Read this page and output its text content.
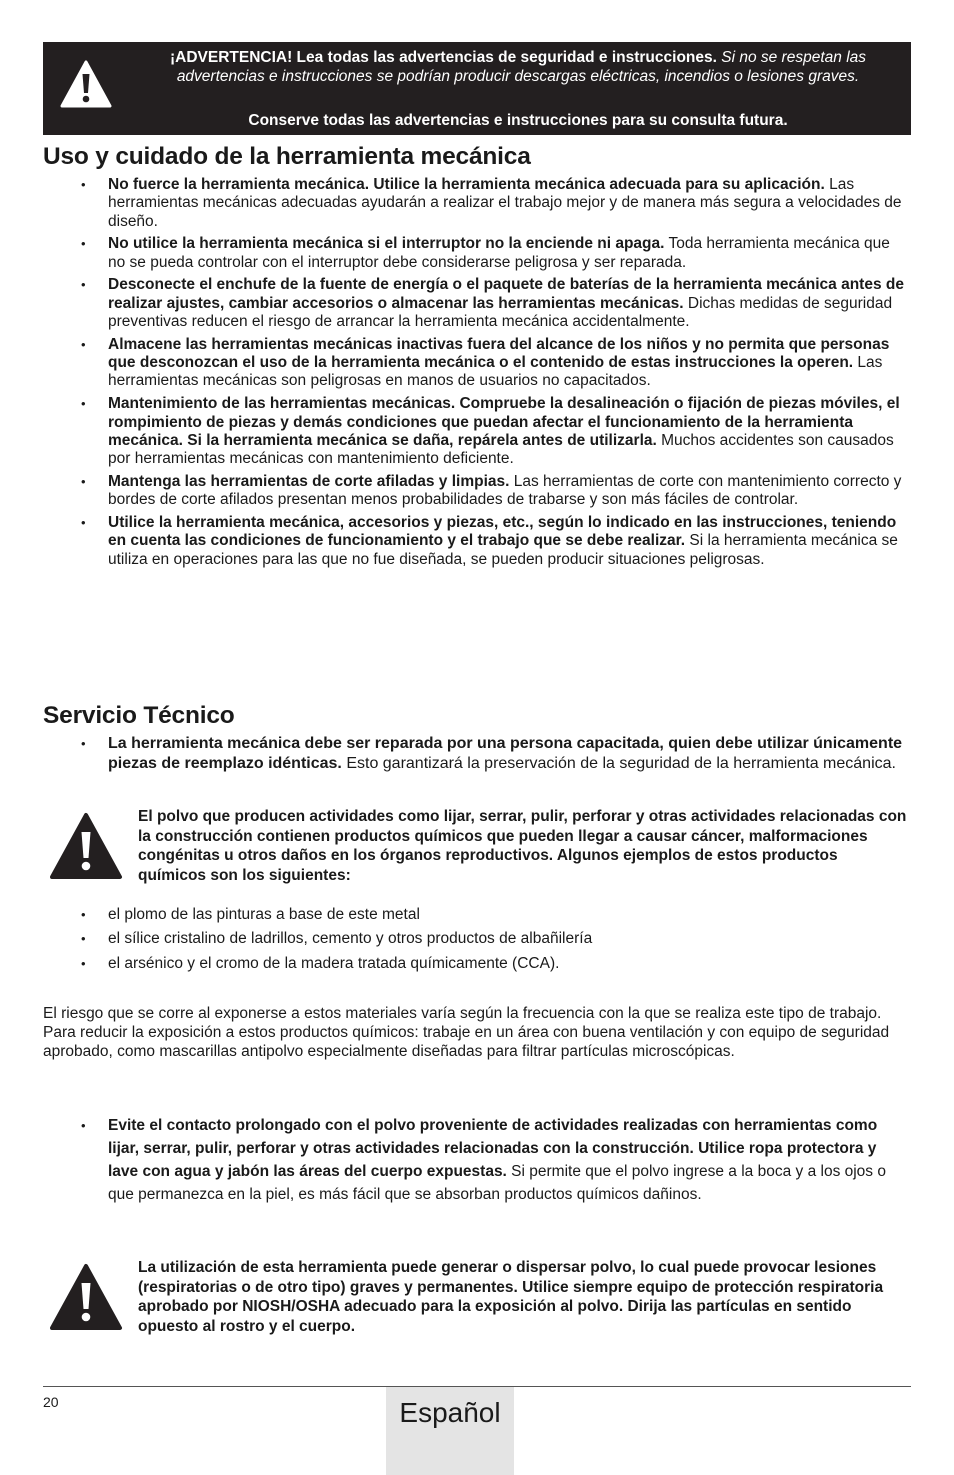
¡ADVERTENCIA! Lea todas las advertencias de seguridad e instrucciones. Si no se respetan las advertencias e instrucciones se podrían producir descargas eléctricas, incendios o lesiones graves.
Conserve todas las advertencias e instrucciones para su consulta futura.
Uso y cuidado de la herramienta mecánica
• No fuerce la herramienta mecánica. Utilice la herramienta mecánica adecuada para su aplicación. Las herramientas mecánicas adecuadas ayudarán a realizar el trabajo mejor y de manera más segura a velocidades de diseño.
• No utilice la herramienta mecánica si el interruptor no la enciende ni apaga. Toda herramienta mecánica que no se pueda controlar con el interruptor debe considerarse peligrosa y ser reparada.
• Desconecte el enchufe de la fuente de energía o el paquete de baterías de la herramienta mecánica antes de realizar ajustes, cambiar accesorios o almacenar las herramientas mecánicas. Dichas medidas de seguridad preventivas reducen el riesgo de arrancar la herramienta mecánica accidentalmente.
• Almacene las herramientas mecánicas inactivas fuera del alcance de los niños y no permita que personas que desconozcan el uso de la herramienta mecánica o el contenido de estas instrucciones la operen. Las herramientas mecánicas son peligrosas en manos de usuarios no capacitados.
• Mantenimiento de las herramientas mecánicas. Compruebe la desalineación o fijación de piezas móviles, el rompimiento de piezas y demás condiciones que puedan afectar el funcionamiento de la herramienta mecánica. Si la herramienta mecánica se daña, repárela antes de utilizarla. Muchos accidentes son causados por herramientas mecánicas con mantenimiento deficiente.
• Mantenga las herramientas de corte afiladas y limpias. Las herramientas de corte con mantenimiento correcto y bordes de corte afilados presentan menos probabilidades de trabarse y son más fáciles de controlar.
• Utilice la herramienta mecánica, accesorios y piezas, etc., según lo indicado en las instrucciones, teniendo en cuenta las condiciones de funcionamiento y el trabajo que se debe realizar. Si la herramienta mecánica se utiliza en operaciones para las que no fue diseñada, se pueden producir situaciones peligrosas.
Servicio Técnico
• La herramienta mecánica debe ser reparada por una persona capacitada, quien debe utilizar únicamente piezas de reemplazo idénticas. Esto garantizará la preservación de la seguridad de la herramienta mecánica.
El polvo que producen actividades como lijar, serrar, pulir, perforar y otras actividades relacionadas con la construcción contienen productos químicos que pueden llegar a causar cáncer, malformaciones congénitas u otros daños en los órganos reproductivos. Algunos ejemplos de estos productos químicos son los siguientes:
• el plomo de las pinturas a base de este metal
• el sílice cristalino de ladrillos, cemento y otros productos de albañilería
• el arsénico y el cromo de la madera tratada químicamente (CCA).

El riesgo que se corre al exponerse a estos materiales varía según la frecuencia con la que se realiza este tipo de trabajo. Para reducir la exposición a estos productos químicos: trabaje en un área con buena ventilación y con equipo de seguridad aprobado, como mascarillas antipolvo especialmente diseñadas para filtrar partículas microscópicas.

• Evite el contacto prolongado con el polvo proveniente de actividades realizadas con herramientas como lijar, serrar, pulir, perforar y otras actividades relacionadas con la construcción. Utilice ropa protectora y lave con agua y jabón las áreas del cuerpo expuestas. Si permite que el polvo ingrese a la boca y a los ojos o que permanezca en la piel, es más fácil que se absorban productos químicos dañinos.
La utilización de esta herramienta puede generar o dispersar polvo, lo cual puede provocar lesiones (respiratorias o de otro tipo) graves y permanentes. Utilice siempre equipo de protección respiratoria aprobado por NIOSH/OSHA adecuado para la exposición al polvo. Dirija las partículas en sentido opuesto al rostro y el cuerpo.
20	Español
